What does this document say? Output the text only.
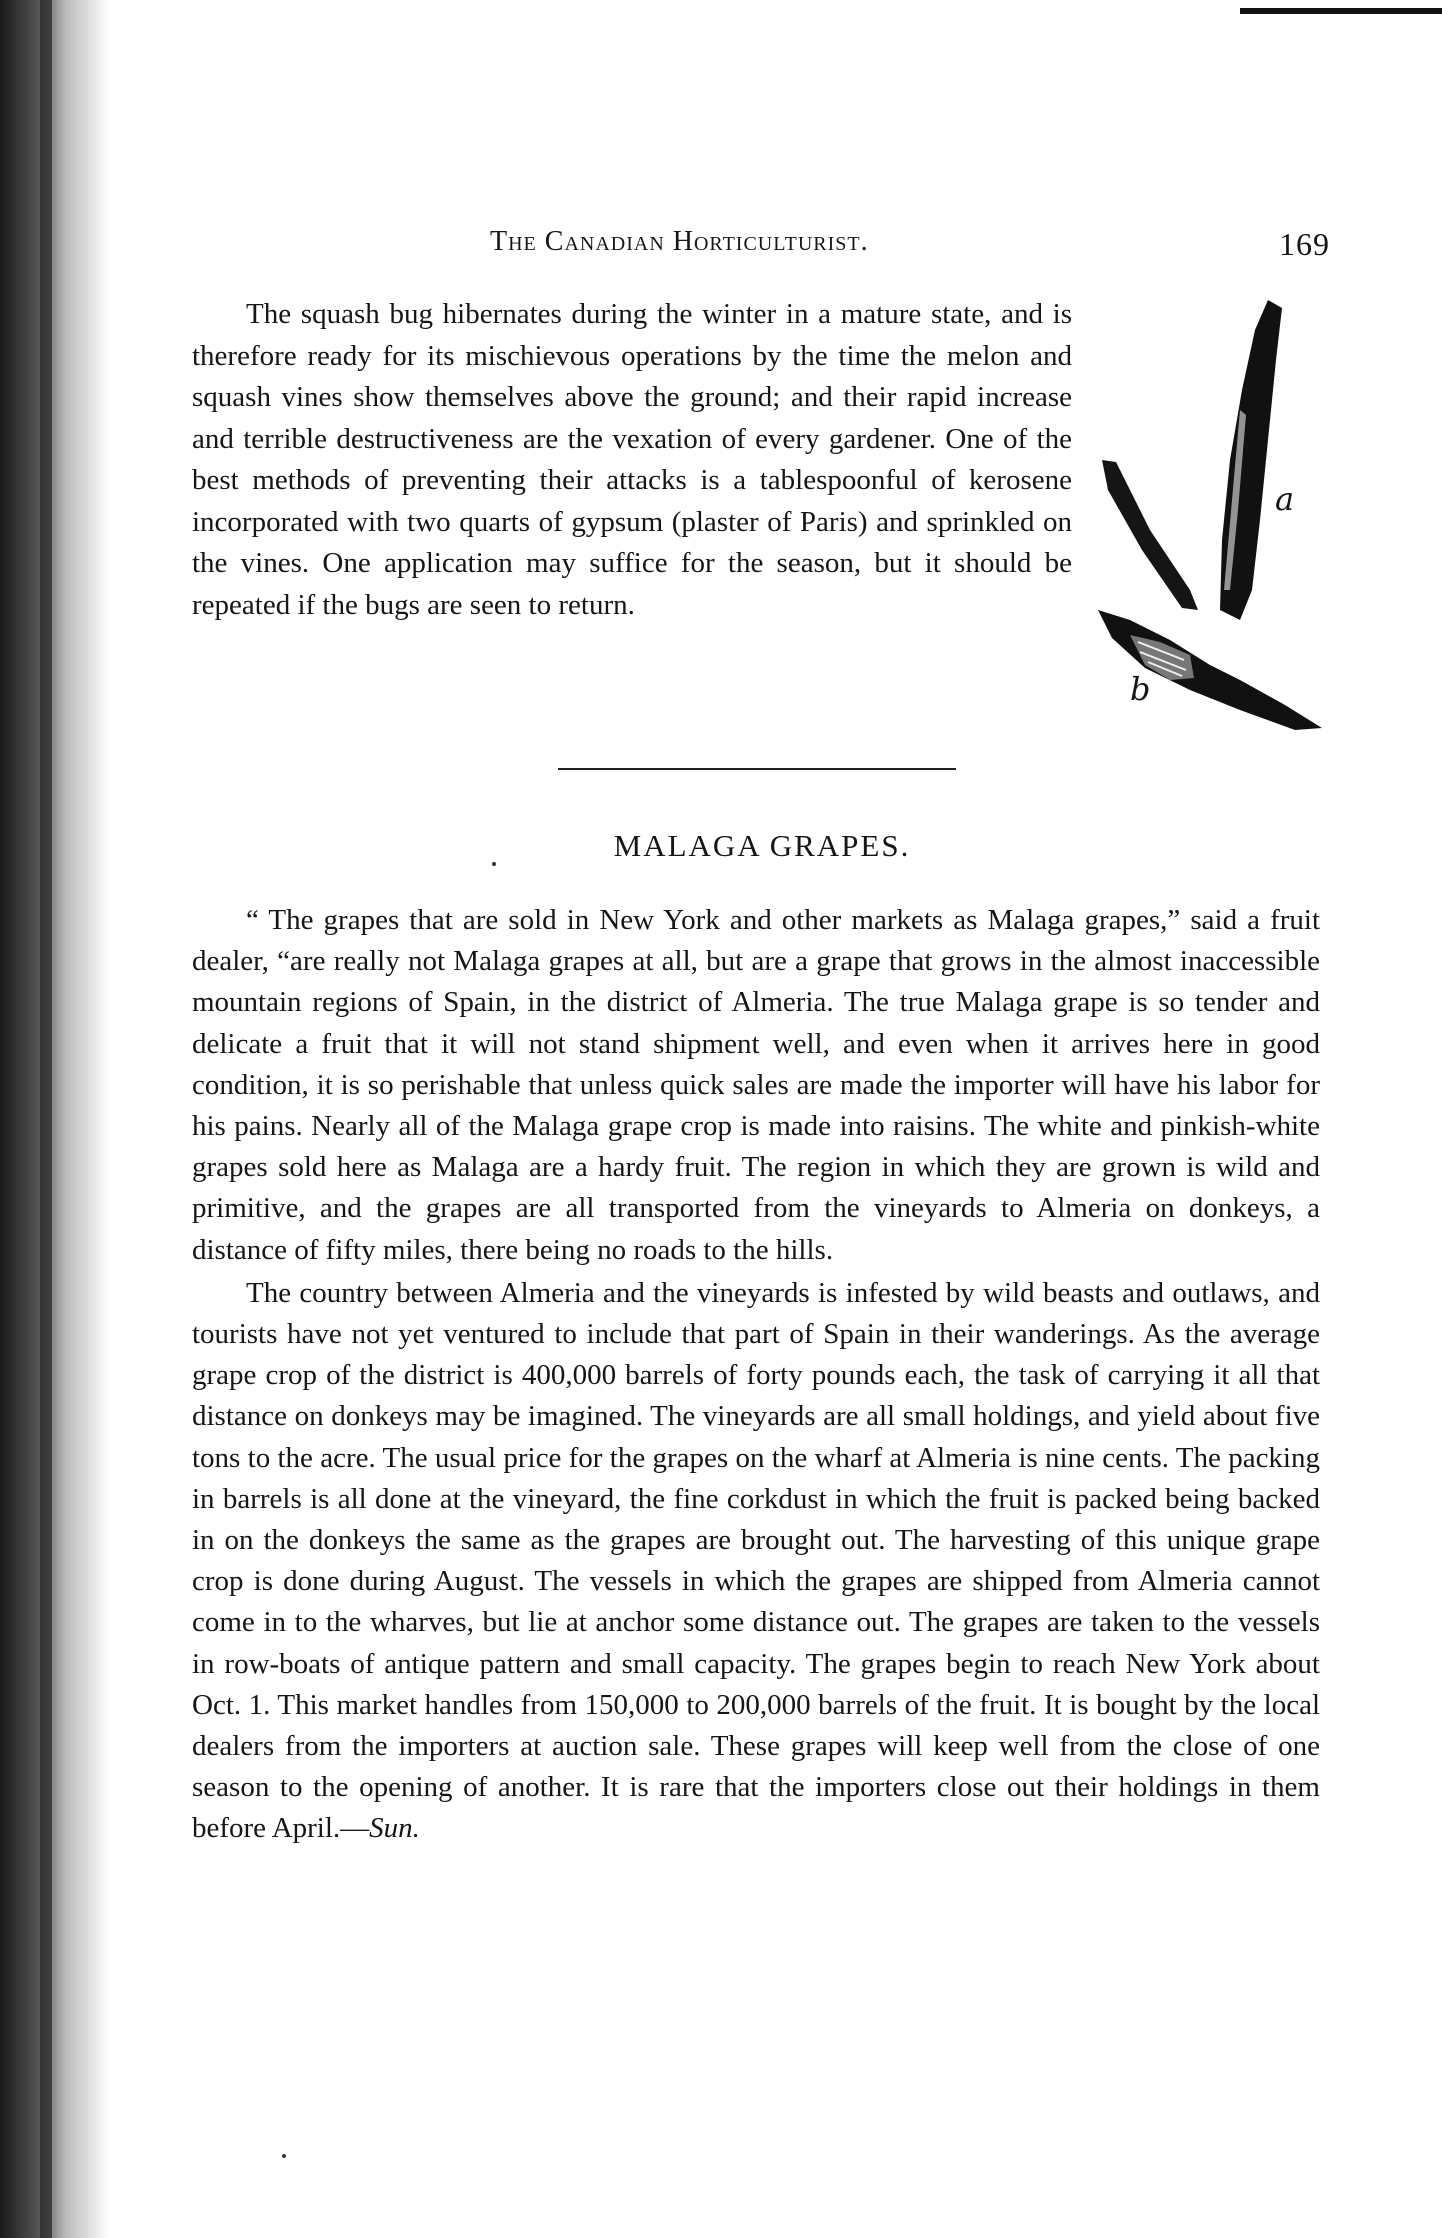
The Canadian Horticulturist.	169

The squash bug hibernates during the winter in a mature state, and is therefore ready for its mischievous operations by the time the melon and squash vines show themselves above the ground; and their rapid increase and terrible destructiveness are the vexation of every gardener. One of the best methods of preventing their attacks is a tablespoonful of kerosene incorporated with two quarts of gypsum (plaster of Paris) and sprinkled on the vines. One application may suffice for the season, but it should be repeated if the bugs are seen to return.

a
b
MALAGA GRAPES.

“ The grapes that are sold in New York and other markets as Malaga grapes,” said a fruit dealer, “are really not Malaga grapes at all, but are a grape that grows in the almost inaccessible mountain regions of Spain, in the district of Almeria. The true Malaga grape is so tender and delicate a fruit that it will not stand shipment well, and even when it arrives here in good condition, it is so perishable that unless quick sales are made the importer will have his labor for his pains. Nearly all of the Malaga grape crop is made into raisins. The white and pinkish-white grapes sold here as Malaga are a hardy fruit. The region in which they are grown is wild and primitive, and the grapes are all transported from the vineyards to Almeria on donkeys, a distance of fifty miles, there being no roads to the hills.

The country between Almeria and the vineyards is infested by wild beasts and outlaws, and tourists have not yet ventured to include that part of Spain in their wanderings. As the average grape crop of the district is 400,000 barrels of forty pounds each, the task of carrying it all that distance on donkeys may be imagined. The vineyards are all small holdings, and yield about five tons to the acre. The usual price for the grapes on the wharf at Almeria is nine cents. The packing in barrels is all done at the vineyard, the fine corkdust in which the fruit is packed being backed in on the donkeys the same as the grapes are brought out. The harvesting of this unique grape crop is done during August. The vessels in which the grapes are shipped from Almeria cannot come in to the wharves, but lie at anchor some distance out. The grapes are taken to the vessels in row-boats of antique pattern and small capacity. The grapes begin to reach New York about Oct. 1. This market handles from 150,000 to 200,000 barrels of the fruit. It is bought by the local dealers from the importers at auction sale. These grapes will keep well from the close of one season to the opening of another. It is rare that the importers close out their holdings in them before April.—Sun.
